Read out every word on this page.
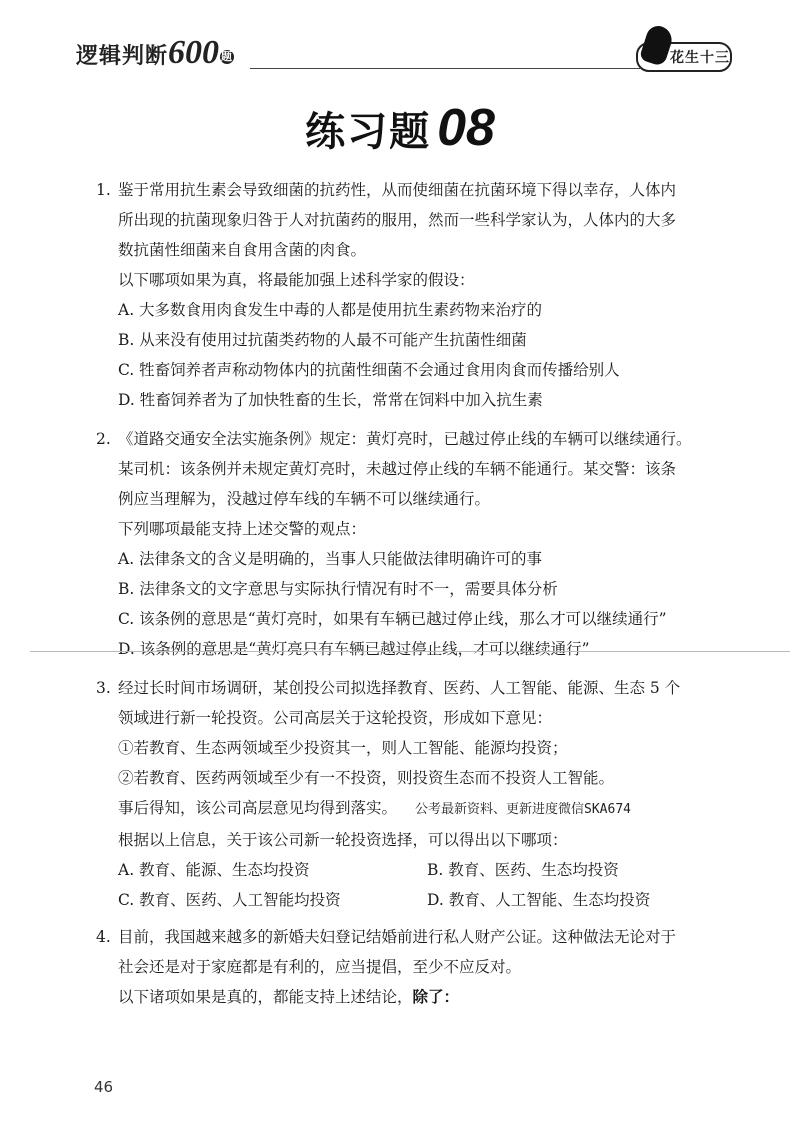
逻辑判断600 题	花生十三
练习题 08
1. 鉴于常用抗生素会导致细菌的抗药性，从而使细菌在抗菌环境下得以幸存，人体内
所出现的抗菌现象归咎于人对抗菌药的服用，然而一些科学家认为，人体内的大多
数抗菌性细菌来自食用含菌的肉食。
以下哪项如果为真，将最能加强上述科学家的假设：
A. 大多数食用肉食发生中毒的人都是使用抗生素药物来治疗的
B. 从来没有使用过抗菌类药物的人最不可能产生抗菌性细菌
C. 牲畜饲养者声称动物体内的抗菌性细菌不会通过食用肉食而传播给别人
D. 牲畜饲养者为了加快牲畜的生长，常常在饲料中加入抗生素
2. 《道路交通安全法实施条例》规定：黄灯亮时，已越过停止线的车辆可以继续通行。
某司机：该条例并未规定黄灯亮时，未越过停止线的车辆不能通行。某交警：该条
例应当理解为，没越过停车线的车辆不可以继续通行。
下列哪项最能支持上述交警的观点：
A. 法律条文的含义是明确的，当事人只能做法律明确许可的事
B. 法律条文的文字意思与实际执行情况有时不一，需要具体分析
C. 该条例的意思是“黄灯亮时，如果有车辆已越过停止线，那么才可以继续通行”
D. 该条例的意思是“黄灯亮只有车辆已越过停止线，才可以继续通行”
3. 经过长时间市场调研，某创投公司拟选择教育、医药、人工智能、能源、生态 5 个
领域进行新一轮投资。公司高层关于这轮投资，形成如下意见：
①若教育、生态两领域至少投资其一，则人工智能、能源均投资；
②若教育、医药两领域至少有一不投资，则投资生态而不投资人工智能。
事后得知，该公司高层意见均得到落实。 公考最新资料、更新进度微信SKA674
根据以上信息，关于该公司新一轮投资选择，可以得出以下哪项：
A. 教育、能源、生态均投资	B. 教育、医药、生态均投资
C. 教育、医药、人工智能均投资	D. 教育、人工智能、生态均投资
4. 目前，我国越来越多的新婚夫妇登记结婚前进行私人财产公证。这种做法无论对于
社会还是对于家庭都是有利的，应当提倡，至少不应反对。
以下诸项如果是真的，都能支持上述结论，除了：
46
